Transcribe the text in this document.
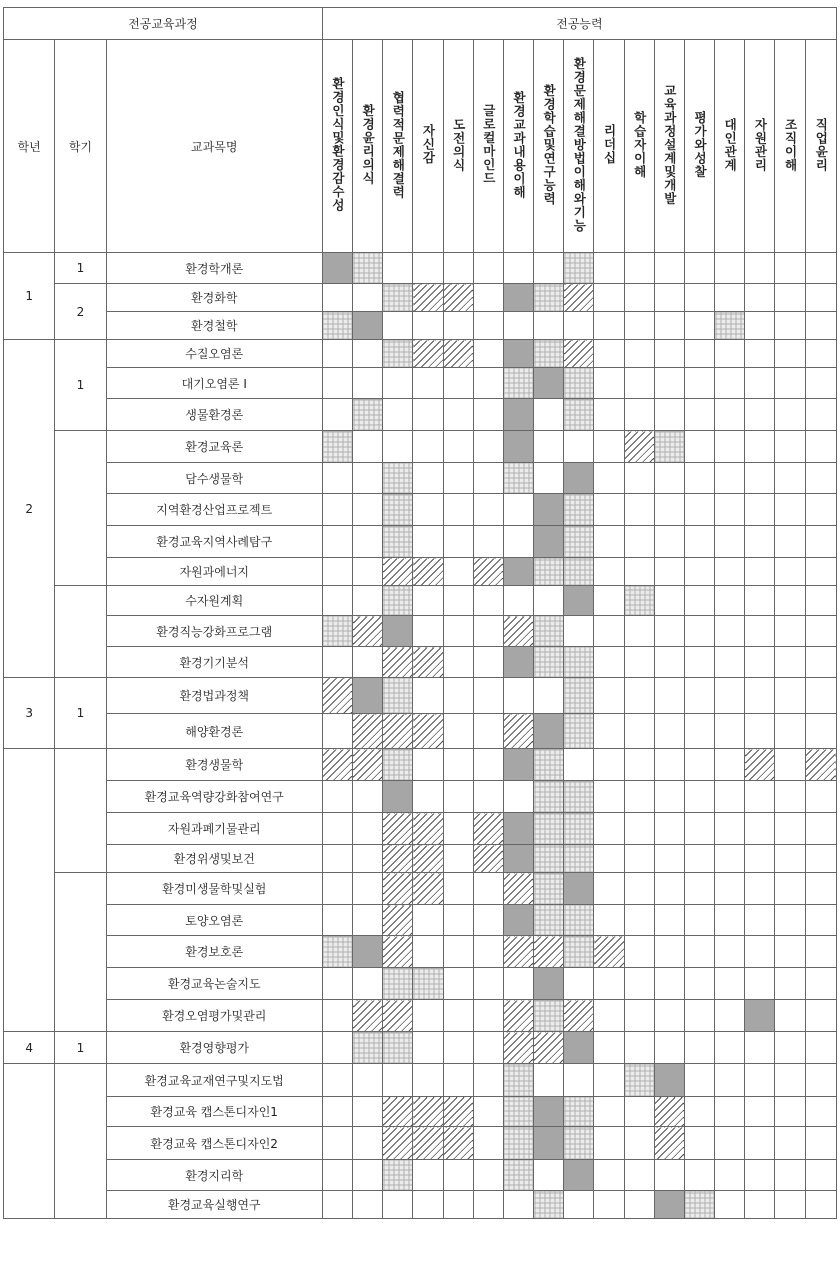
전공교육과정			전공능력																
학년	학기	교과목명	환경인식및환경감수성	환경윤리의식	협력적문제해결력	자신감	도전의식	글로컬마인드	환경교과내용이해	환경학습및연구능력	환경문제해결방법이해와기능	리더십	학습자이해	교육과정설계및개발	평가와성찰	대인관계	자원관리	조직이해	직업윤리
1	1	환경학개론																	
	2	환경화학																	
		환경철학																	
2	1	수질오염론																	
		대기오염론 I																	
		생물환경론																	
		환경교육론																	
		담수생물학																	
		지역환경산업프로젝트																	
		환경교육지역사례탐구																	
		자원과에너지																	
		수자원계획																	
		환경직능강화프로그램																	
		환경기기분석																	
3	1	환경법과정책																	
		해양환경론																	
		환경생물학																	
		환경교육역량강화참여연구																	
		자원과폐기물관리																	
		환경위생및보건																	
		환경미생물학및실험																	
		토양오염론																	
		환경보호론																	
		환경교육논술지도																	
		환경오염평가및관리																	
4	1	환경영향평가																	
		환경교육교재연구및지도법																	
		환경교육 캡스톤디자인1																	
		환경교육 캡스톤디자인2																	
		환경지리학																	
		환경교육실행연구																	
